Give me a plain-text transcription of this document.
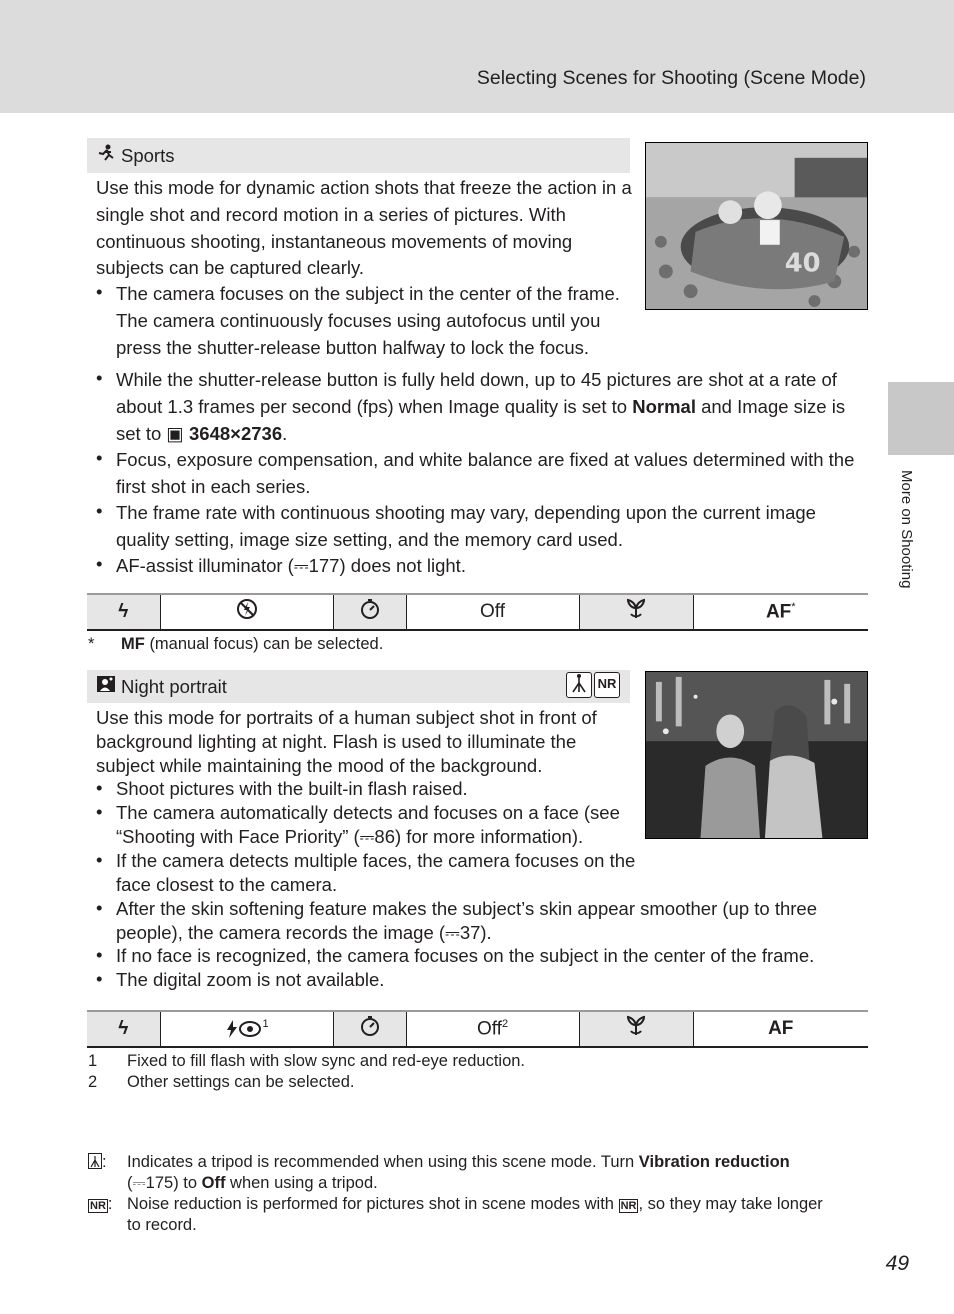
Selecting Scenes for Shooting (Scene Mode)
More on Shooting
Sports
Use this mode for dynamic action shots that freeze the action in a single shot and record motion in a series of pictures. With continuous shooting, instantaneous movements of moving subjects can be captured clearly.
• The camera focuses on the subject in the center of the frame. The camera continuously focuses using autofocus until you press the shutter-release button halfway to lock the focus.
40
• While the shutter-release button is fully held down, up to 45 pictures are shot at a rate of about 1.3 frames per second (fps) when Image quality is set to Normal and Image size is set to ▣ 3648×2736.
• Focus, exposure compensation, and white balance are fixed at values determined with the first shot in each series.
• The frame rate with continuous shooting may vary, depending upon the current image quality setting, image size setting, and the memory card used.
• AF-assist illuminator (⎓177) does not light.
ϟ			Off		AF*
* MF (manual focus) can be selected.
Night portrait	NR
Use this mode for portraits of a human subject shot in front of background lighting at night. Flash is used to illuminate the subject while maintaining the mood of the background.
• Shoot pictures with the built-in flash raised.
• The camera automatically detects and focuses on a face (see “Shooting with Face Priority” (⎓86) for more information).
• If the camera detects multiple faces, the camera focuses on the face closest to the camera.
• After the skin softening feature makes the subject’s skin appear smoother (up to three people), the camera records the image (⎓37).
• If no face is recognized, the camera focuses on the subject in the center of the frame.
• The digital zoom is not available.
ϟ	$^1$		Off$^2$		AF
1 Fixed to fill flash with slow sync and red-eye reduction.
2 Other settings can be selected.
: Indicates a tripod is recommended when using this scene mode. Turn Vibration reduction
(⎓175) to Off when using a tripod.
NR : Noise reduction is performed for pictures shot in scene modes with NR , so they may take longer
to record.
49
